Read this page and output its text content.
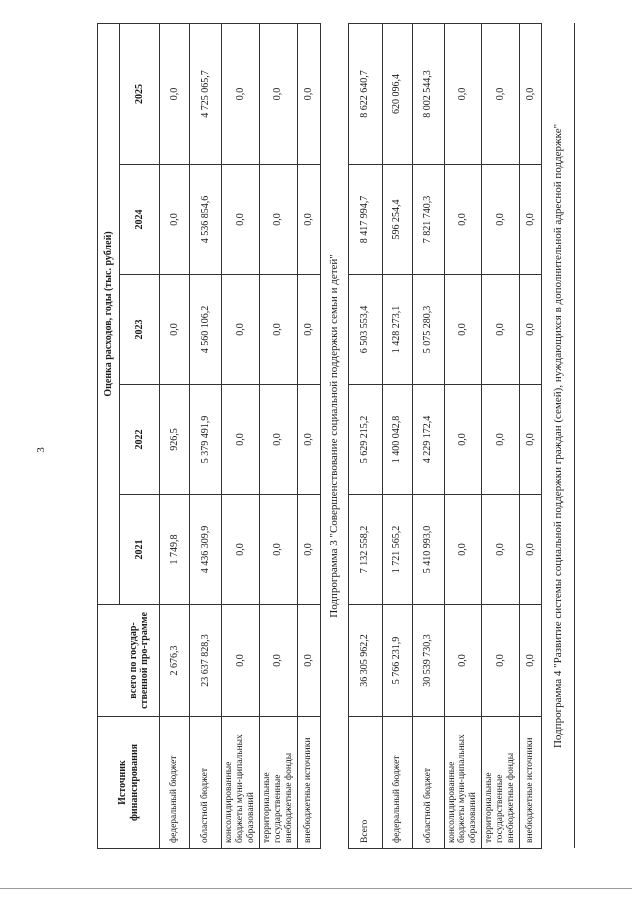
3
Источник финансирования		Оценка расходов, годы (тыс. рублей)				
	всего по государ-ственной про-грамме	2021	2022	2023	2024	2025
федеральный бюджет	2 676,3	1 749,8	926,5	0,0	0,0	0,0
областной бюджет	23 637 828,3	4 436 309,9	5 379 491,9	4 560 106,2	4 536 854,6	4 725 065,7
консолидированные бюджеты муни-ципальных образований	0,0	0,0	0,0	0,0	0,0	0,0
территориальные государственные внебюджетные фонды	0,0	0,0	0,0	0,0	0,0	0,0
внебюджетные источники	0,0	0,0	0,0	0,0	0,0	0,0
Подпрограмма 3 "Совершенствование социальной поддержки семьи и детей"						
Всего	36 305 962,2	7 132 558,2	5 629 215,2	6 503 553,4	8 417 994,7	8 622 640,7
федеральный бюджет	5 766 231,9	1 721 565,2	1 400 042,8	1 428 273,1	596 254,4	620 096,4
областной бюджет	30 539 730,3	5 410 993,0	4 229 172,4	5 075 280,3	7 821 740,3	8 002 544,3
консолидированные бюджеты муни-ципальных образований	0,0	0,0	0,0	0,0	0,0	0,0
территориальные государственные внебюджетные фонды	0,0	0,0	0,0	0,0	0,0	0,0
внебюджетные источники	0,0	0,0	0,0	0,0	0,0	0,0
Подпрограмма 4 "Развитие системы социальной поддержки граждан (семей), нуждающихся в дополнительной адресной поддержке"						
